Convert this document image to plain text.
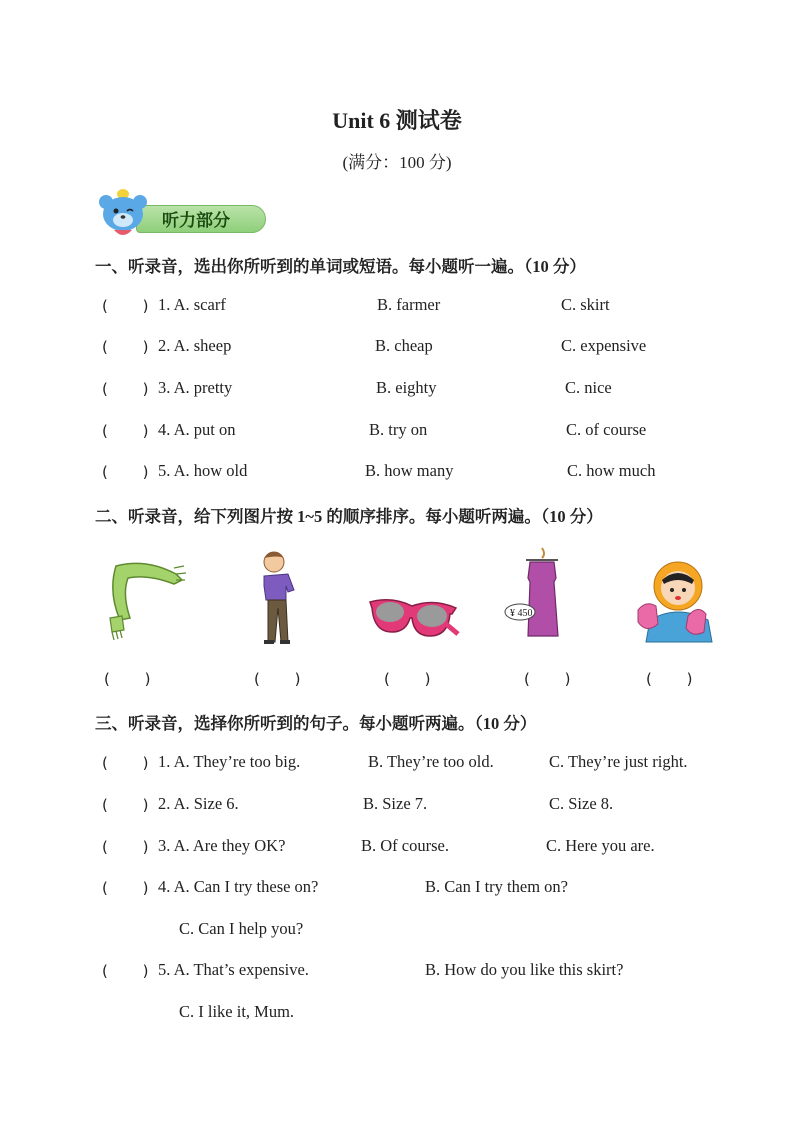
Unit 6 测试卷
(满分：100 分)
听力部分
一、听录音，选出你所听到的单词或短语。每小题听一遍。（10 分）
(　 　) 1. A. scarf	B. farmer	C. skirt
(　 　) 2. A. sheep	B. cheap	C. expensive
(　 　) 3. A. pretty	B. eighty	C. nice
(　 　) 4. A. put on	B. try on	C. of course
(　 　) 5. A. how old	B. how many	C. how much
二、听录音，给下列图片按 1~5 的顺序排序。每小题听两遍。（10 分）
¥ 450
(　 　)	(　 　)	(　 　)	(　 　)	(　 　)
三、听录音，选择你所听到的句子。每小题听两遍。（10 分）
(　 　) 1. A. They’re too big.	B. They’re too old.	C. They’re just right.
(　 　) 2. A. Size 6.	B. Size 7.	C. Size 8.
(　 　) 3. A. Are they OK?	B. Of course.	C. Here you are.
(　 　) 4. A. Can I try these on?	B. Can I try them on?
C. Can I help you?
(　 　) 5. A. That’s expensive.	B. How do you like this skirt?
C. I like it, Mum.
